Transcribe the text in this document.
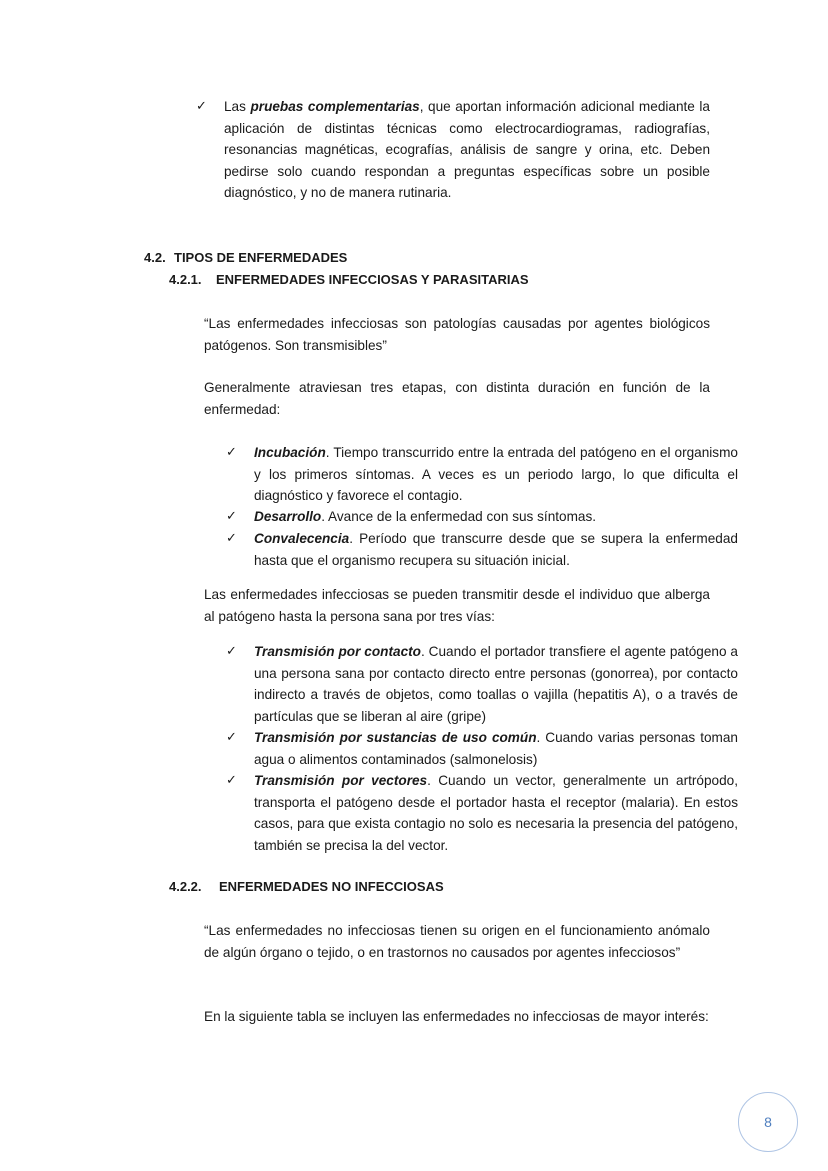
✓	Las pruebas complementarias, que aportan información adicional mediante la aplicación de distintas técnicas como electrocardiogramas, radiografías, resonancias magnéticas, ecografías, análisis de sangre y orina, etc. Deben pedirse solo cuando respondan a preguntas específicas sobre un posible diagnóstico, y no de manera rutinaria.
4.2. TIPOS DE ENFERMEDADES
4.2.1. ENFERMEDADES INFECCIOSAS Y PARASITARIAS

“Las enfermedades infecciosas son patologías causadas por agentes biológicos patógenos. Son transmisibles”

Generalmente atraviesan tres etapas, con distinta duración en función de la enfermedad:

✓	Incubación. Tiempo transcurrido entre la entrada del patógeno en el organismo y los primeros síntomas. A veces es un periodo largo, lo que dificulta el diagnóstico y favorece el contagio.
✓	Desarrollo. Avance de la enfermedad con sus síntomas.
✓	Convalecencia. Período que transcurre desde que se supera la enfermedad hasta que el organismo recupera su situación inicial.

Las enfermedades infecciosas se pueden transmitir desde el individuo que alberga al patógeno hasta la persona sana por tres vías:

✓	Transmisión por contacto. Cuando el portador transfiere el agente patógeno a una persona sana por contacto directo entre personas (gonorrea), por contacto indirecto a través de objetos, como toallas o vajilla (hepatitis A), o a través de partículas que se liberan al aire (gripe)
✓	Transmisión por sustancias de uso común. Cuando varias personas toman agua o alimentos contaminados (salmonelosis)
✓	Transmisión por vectores. Cuando un vector, generalmente un artrópodo, transporta el patógeno desde el portador hasta el receptor (malaria). En estos casos, para que exista contagio no solo es necesaria la presencia del patógeno, también se precisa la del vector.
4.2.2. ENFERMEDADES NO INFECCIOSAS

“Las enfermedades no infecciosas tienen su origen en el funcionamiento anómalo de algún órgano o tejido, o en trastornos no causados por agentes infecciosos”

En la siguiente tabla se incluyen las enfermedades no infecciosas de mayor interés:

8
